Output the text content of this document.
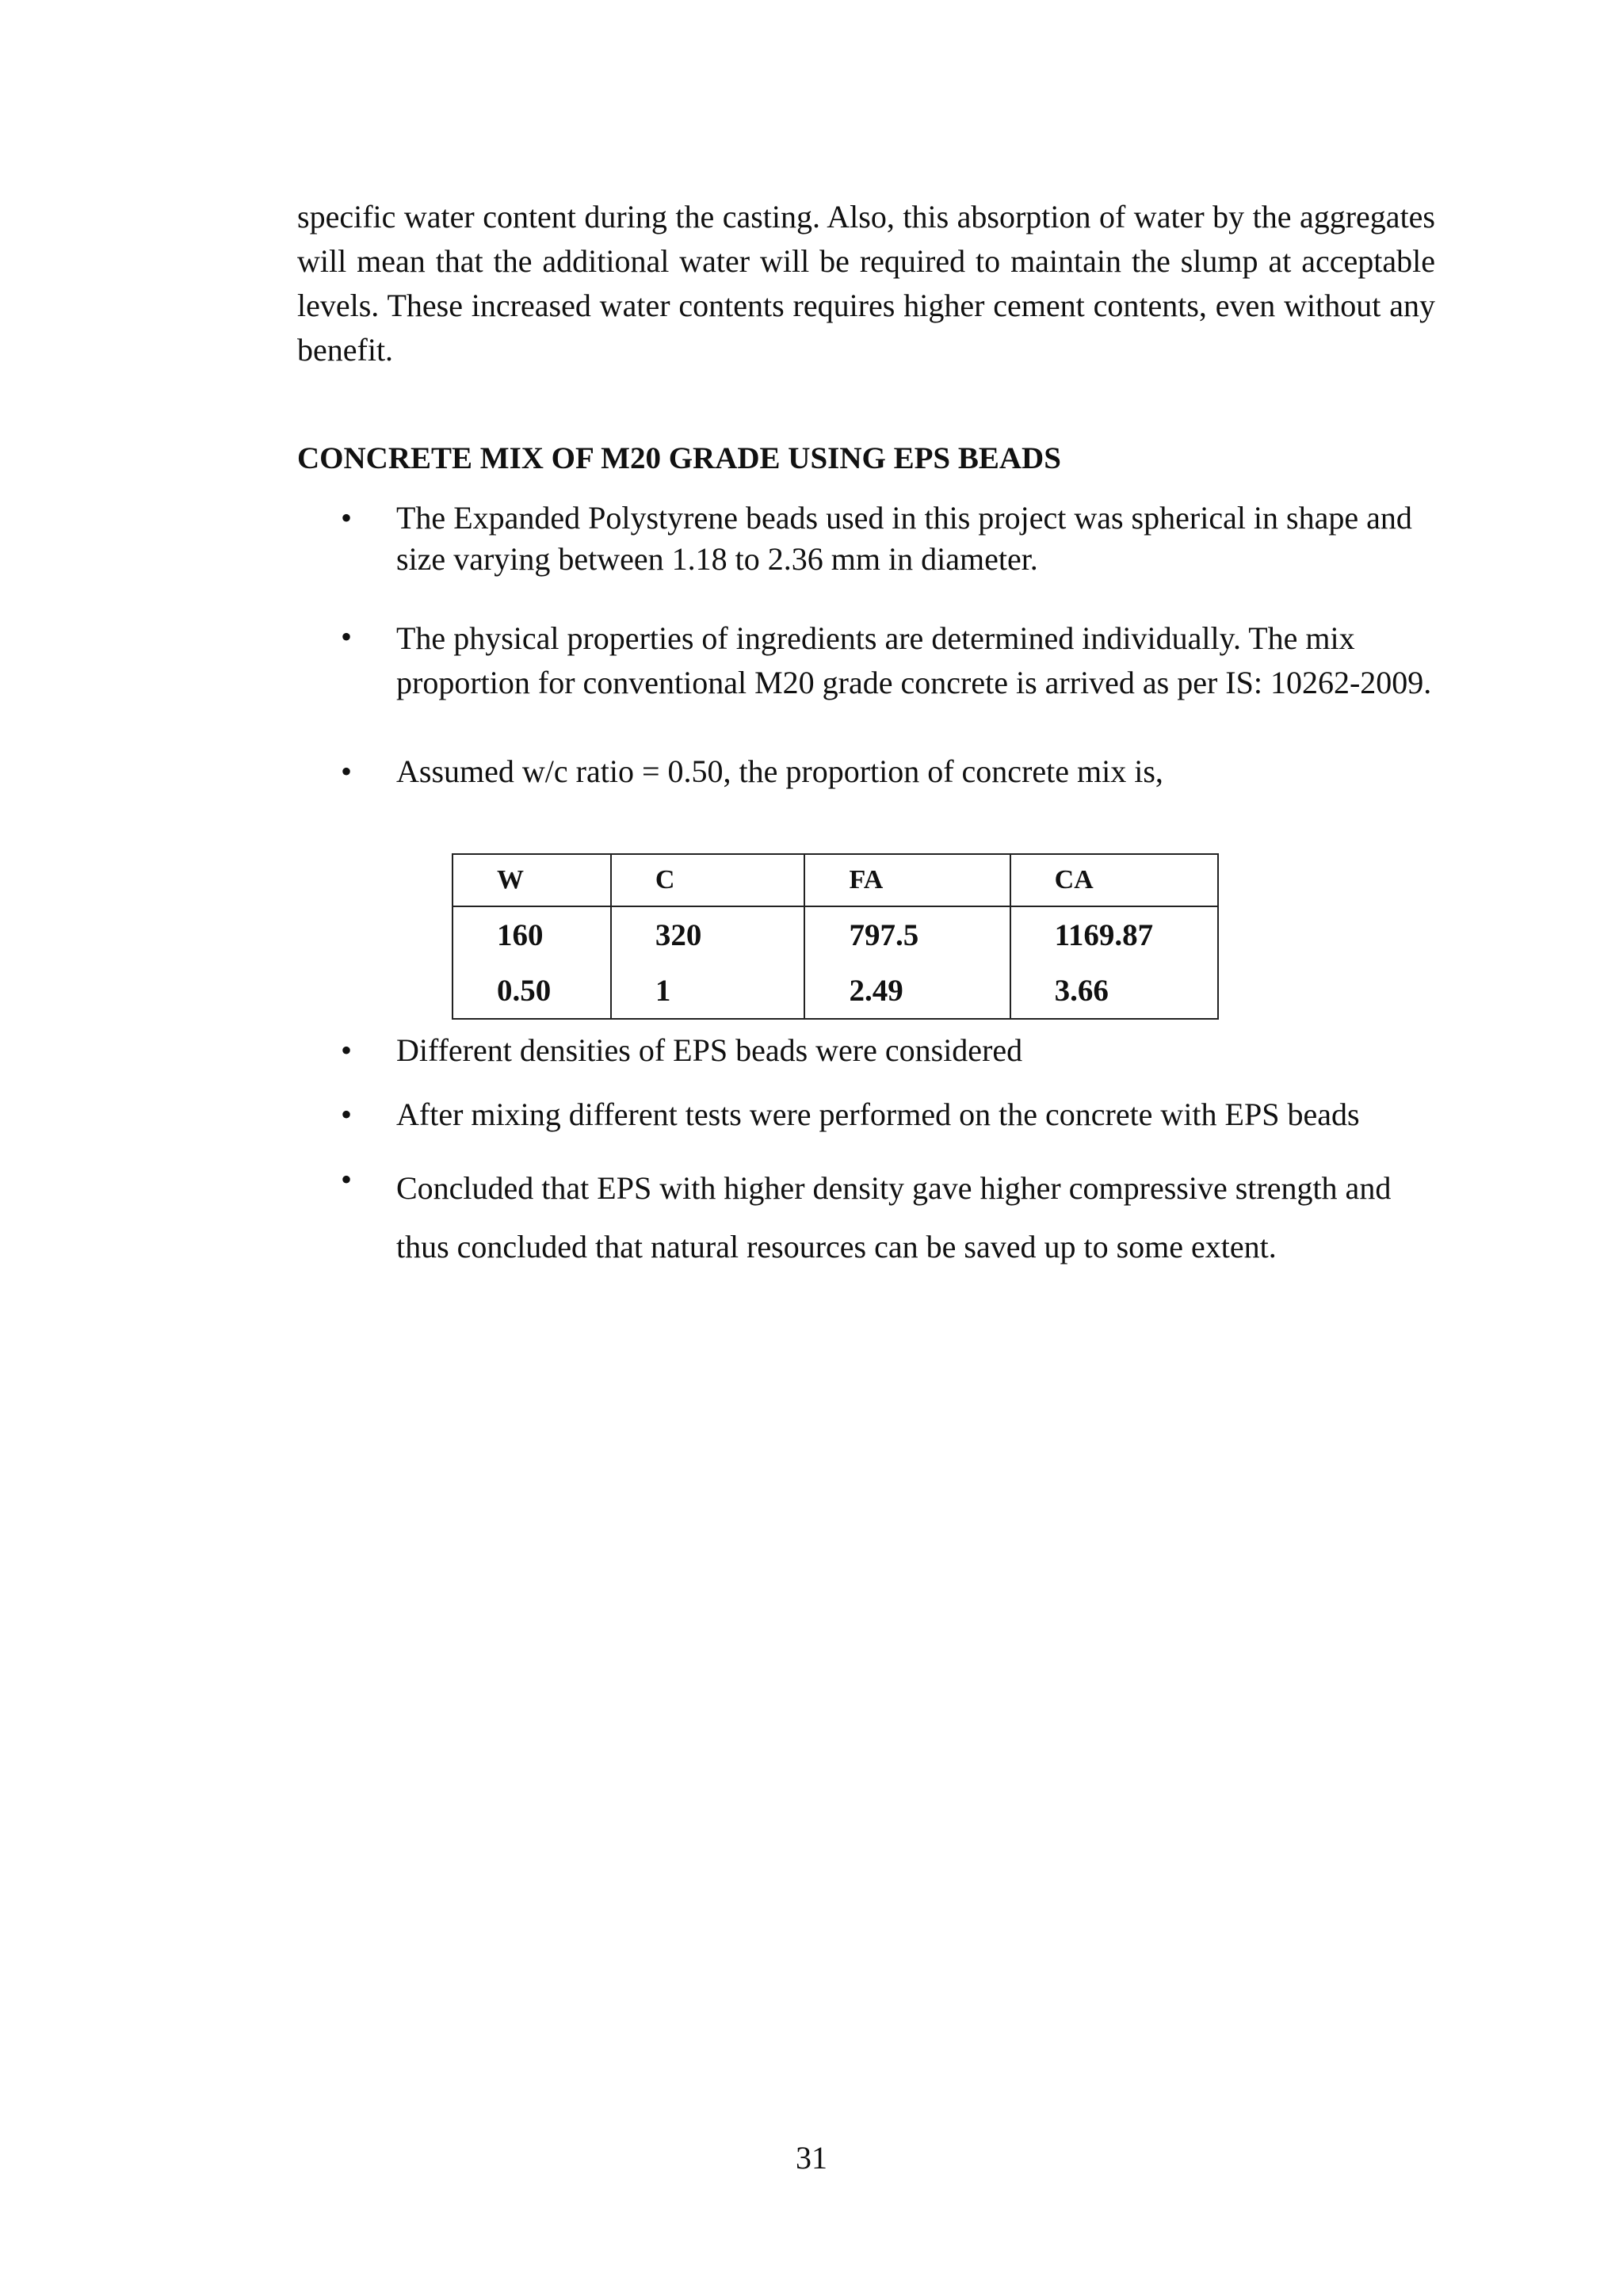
specific water content during the casting. Also, this absorption of water by the aggregates will mean that the additional water will be required to maintain the slump at acceptable levels. These increased water contents requires higher cement contents, even without any benefit.

CONCRETE MIX OF M20 GRADE USING EPS BEADS
•	The Expanded Polystyrene beads used in this project was spherical in shape and size varying between 1.18 to 2.36 mm in diameter.
•	The physical properties of ingredients are determined individually. The mix proportion for conventional M20 grade concrete is arrived as per IS: 10262-2009.
•	Assumed w/c ratio = 0.50, the proportion of concrete mix is,
W	C	FA	CA
160	320	797.5	1169.87
0.50	1	2.49	3.66
•	Different densities of EPS beads were considered
•	After mixing different tests were performed on the concrete with EPS beads
•	Concluded that EPS with higher density gave higher compressive strength and thus concluded that natural resources can be saved up to some extent.
31
